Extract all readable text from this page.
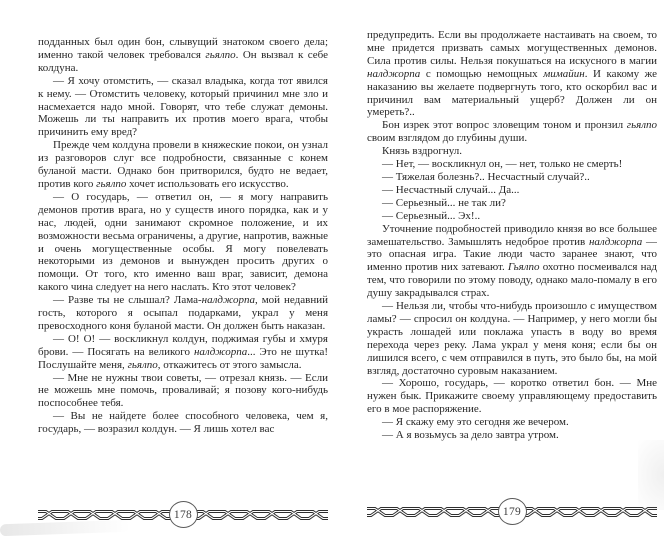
подданных был один бон, слывущий знатоком своего дела; именно такой человек требовался гьялпо. Он вызвал к себе колдуна.

— Я хочу отомстить, — сказал владыка, когда тот явился к нему. — Отомстить человеку, который причинил мне зло и насмехается надо мной. Говорят, что тебе служат демоны. Можешь ли ты направить их против моего врага, чтобы причинить ему вред?

Прежде чем колдуна провели в княжеские покои, он узнал из разговоров слуг все подробности, связанные с конем буланой масти. Однако бон притворился, будто не ведает, против кого гьялпо хочет использовать его искусство.

— О государь, — ответил он, — я могу направить демонов против врага, но у существ иного порядка, как и у нас, людей, одни занимают скромное положение, и их возможности весьма ограничены, а другие, напротив, важные и очень могущественные особы. Я могу повелевать некоторыми из демонов и вынужден просить других о помощи. От того, кто именно ваш враг, зависит, демона какого чина следует на него наслать. Кто этот человек?

— Разве ты не слышал? Лама-налджорпа, мой недавний гость, которого я осыпал подарками, украл у меня превосходного коня буланой масти. Он должен быть наказан.

— О! О! — воскликнул колдун, поджимая губы и хмуря брови. — Посягать на великого налджорпа... Это не шутка! Послушайте меня, гьялпо, откажитесь от этого замысла.

— Мне не нужны твои советы, — отрезал князь. — Если не можешь мне помочь, проваливай; я позову кого-нибудь поспособнее тебя.

— Вы не найдете более способного человека, чем я, государь, — возразил колдун. — Я лишь хотел вас

178

предупредить. Если вы продолжаете настаивать на своем, то мне придется призвать самых могущественных демонов. Сила против силы. Нельзя покушаться на искусного в магии налджорпа с помощью немощных мимайин. И какому же наказанию вы желаете подвергнуть того, кто оскорбил вас и причинил вам материальный ущерб? Должен ли он умереть?..

Бон изрек этот вопрос зловещим тоном и пронзил гьялпо своим взглядом до глубины души.

Князь вздрогнул.

— Нет, — воскликнул он, — нет, только не смерть!

— Тяжелая болезнь?.. Несчастный случай?..

— Несчастный случай... Да...

— Серьезный... не так ли?

— Серьезный... Эх!..

Уточнение подробностей приводило князя во все большее замешательство. Замышлять недоброе против налджорпа — это опасная игра. Такие люди часто заранее знают, что именно против них затевают. Гьялпо охотно посмеивался над тем, что говорили по этому поводу, однако мало-помалу в его душу закрадывался страх.

— Нельзя ли, чтобы что-нибудь произошло с имуществом ламы? — спросил он колдуна. — Например, у него могли бы украсть лошадей или поклажа упасть в воду во время перехода через реку. Лама украл у меня коня; если бы он лишился всего, с чем отправился в путь, это было бы, на мой взгляд, достаточно суровым наказанием.

— Хорошо, государь, — коротко ответил бон. — Мне нужен бык. Прикажите своему управляющему предоставить его в мое распоряжение.

— Я скажу ему это сегодня же вечером.

— А я возьмусь за дело завтра утром.

179
